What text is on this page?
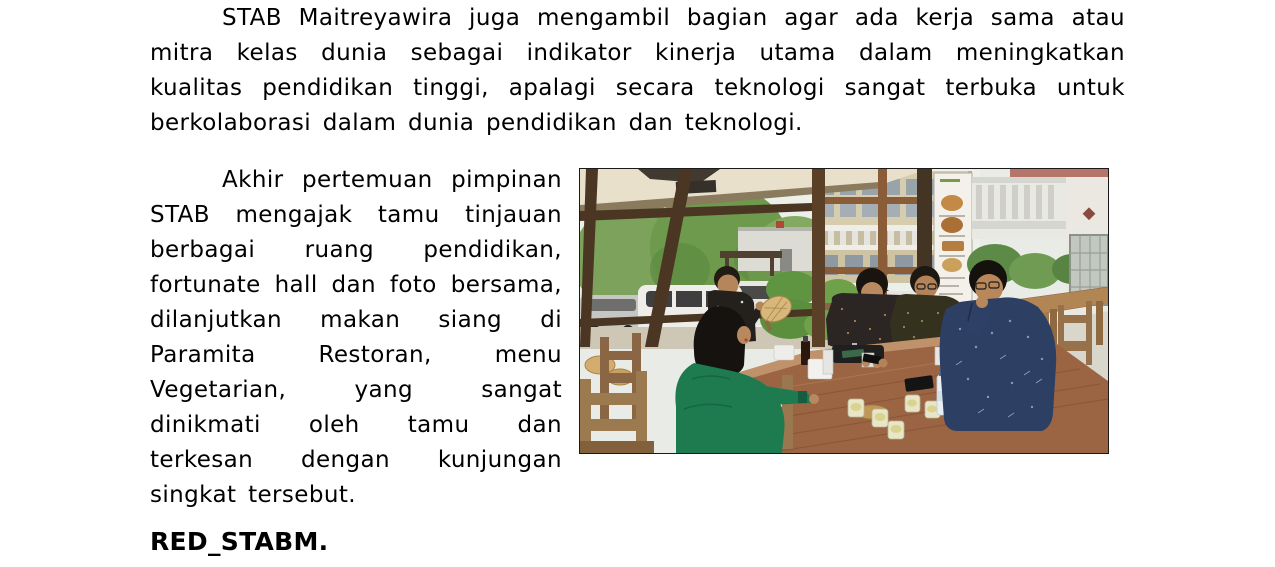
STAB Maitreyawira juga mengambil bagian agar ada kerja sama atau mitra kelas dunia sebagai indikator kinerja utama dalam meningkatkan kualitas pendidikan tinggi, apalagi secara teknologi sangat terbuka untuk berkolaborasi dalam dunia pendidikan dan teknologi.

Akhir pertemuan pimpinan STAB mengajak tamu tinjauan berbagai ruang pendidikan, fortunate hall dan foto bersama, dilanjutkan makan siang di Paramita Restoran, menu Vegetarian, yang sangat dinikmati oleh tamu dan terkesan dengan kunjungan singkat tersebut.

RED_STABM.
